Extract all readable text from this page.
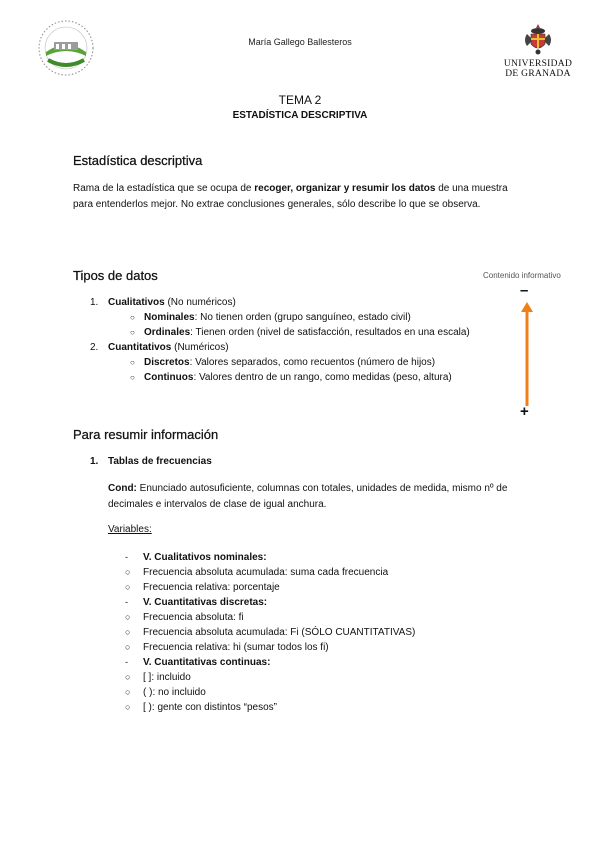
María Gallego Ballesteros
UNIVERSIDAD
DE GRANADA
TEMA 2
ESTADÍSTICA DESCRIPTIVA
Estadística descriptiva
Rama de la estadística que se ocupa de recoger, organizar y resumir los datos de una muestra para entenderlos mejor. No extrae conclusiones generales, sólo describe lo que se observa.
Tipos de datos	Contenido informativo
1. Cualitativos (No numéricos)
○ Nominales: No tienen orden (grupo sanguíneo, estado civil)
○ Ordinales: Tienen orden (nivel de satisfacción, resultados en una escala)
2. Cuantitativos (Numéricos)
○ Discretos: Valores separados, como recuentos (número de hijos)
○ Continuos: Valores dentro de un rango, como medidas (peso, altura)
–
+
Para resumir información
1. Tablas de frecuencias
Cond: Enunciado autosuficiente, columnas con totales, unidades de medida, mismo nº de decimales e intervalos de clase de igual anchura.
Variables:
- V. Cualitativos nominales:
○ Frecuencia absoluta acumulada: suma cada frecuencia
○ Frecuencia relativa: porcentaje
- V. Cuantitativas discretas:
○ Frecuencia absoluta: fi
○ Frecuencia absoluta acumulada: Fi (SÓLO CUANTITATIVAS)
○ Frecuencia relativa: hi (sumar todos los fi)
- V. Cuantitativas continuas:
○ [ ]: incluido
○ ( ): no incluido
○ [ ): gente con distintos “pesos”
